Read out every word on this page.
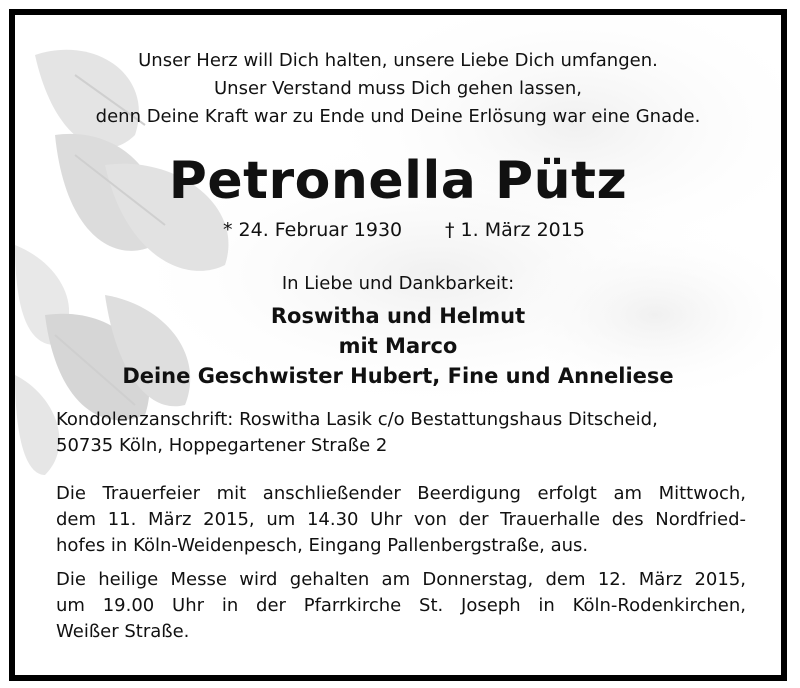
Unser Herz will Dich halten, unsere Liebe Dich umfangen.
Unser Verstand muss Dich gehen lassen,
denn Deine Kraft war zu Ende und Deine Erlösung war eine Gnade.
Petronella Pütz
* 24. Februar 1930 † 1. März 2015
In Liebe und Dankbarkeit:
Roswitha und Helmut
mit Marco
Deine Geschwister Hubert, Fine und Anneliese
Kondolenzanschrift: Roswitha Lasik c/o Bestattungshaus Ditscheid,
50735 Köln, Hoppegartener Straße 2
Die Trauerfeier mit anschließender Beerdigung erfolgt am Mittwoch,
dem 11. März 2015, um 14.30 Uhr von der Trauerhalle des Nordfried-
hofes in Köln-Weidenpesch, Eingang Pallenbergstraße, aus.
Die heilige Messe wird gehalten am Donnerstag, dem 12. März 2015,
um 19.00 Uhr in der Pfarrkirche St. Joseph in Köln-Rodenkirchen,
Weißer Straße.
